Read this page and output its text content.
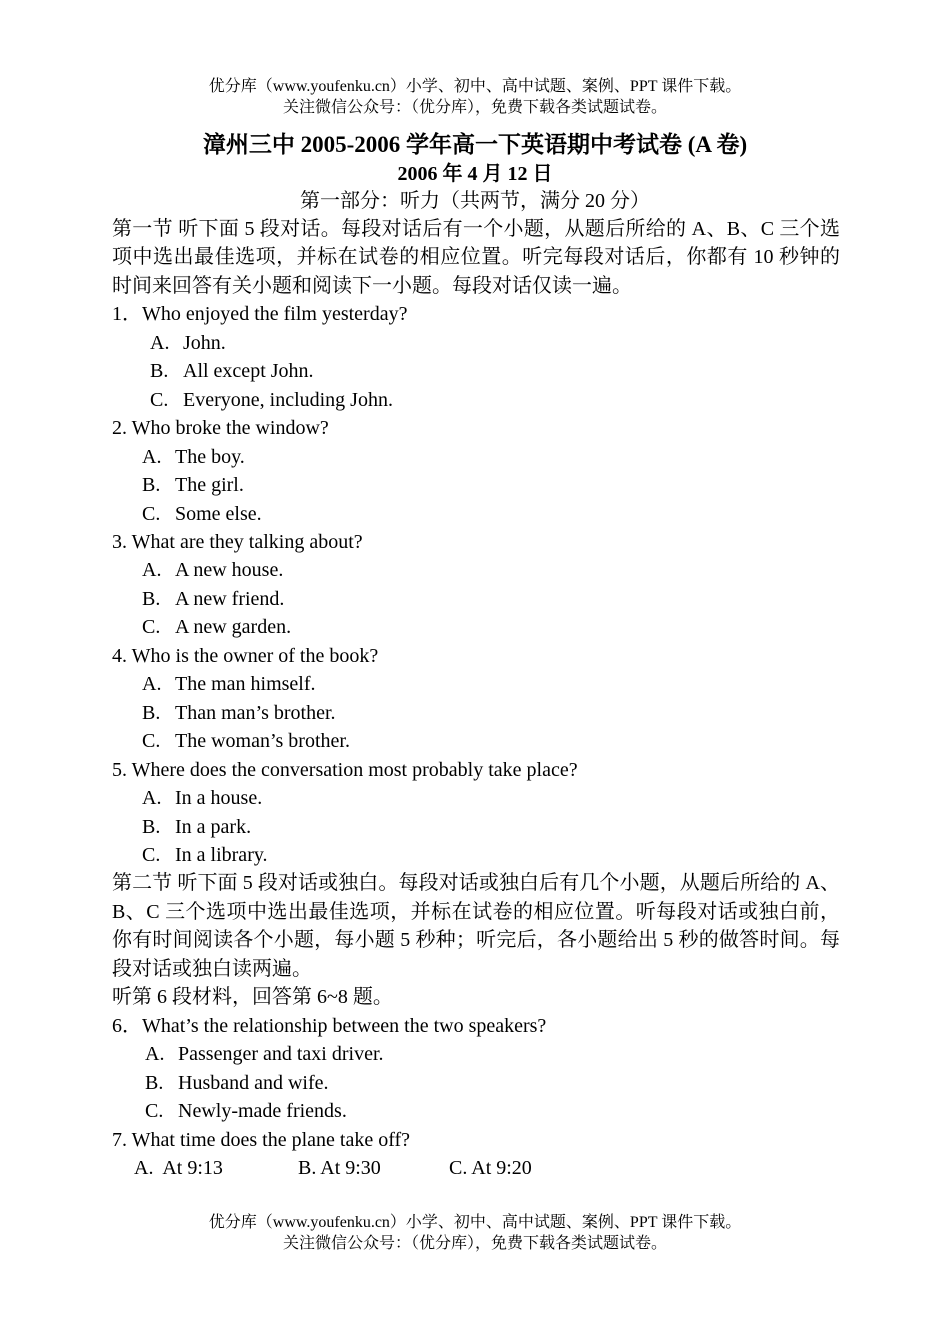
优分库（www.youfenku.cn）小学、初中、高中试题、案例、PPT 课件下载。
关注微信公众号：（优分库），免费下载各类试题试卷。
漳州三中 2005-2006 学年高一下英语期中考试卷 (A 卷)
2006 年 4 月 12 日
第一部分：听力（共两节，满分 20 分）
第一节 听下面 5 段对话。每段对话后有一个小题，从题后所给的 A、B、C 三个选项中选出最佳选项，并标在试卷的相应位置。听完每段对话后，你都有 10 秒钟的时间来回答有关小题和阅读下一小题。每段对话仅读一遍。
1．Who enjoyed the film yesterday?
A. John.
B. All except John.
C. Everyone, including John.
2. Who broke the window?
A. The boy.
B. The girl.
C. Some else.
3. What are they talking about?
A. A new house.
B. A new friend.
C. A new garden.
4. Who is the owner of the book?
A. The man himself.
B. Than man’s brother.
C. The woman’s brother.
5. Where does the conversation most probably take place?
A. In a house.
B. In a park.
C. In a library.
第二节 听下面 5 段对话或独白。每段对话或独白后有几个小题，从题后所给的 A、B、C 三个选项中选出最佳选项，并标在试卷的相应位置。听每段对话或独白前，你有时间阅读各个小题，每小题 5 秒种；听完后，各小题给出 5 秒的做答时间。每段对话或独白读两遍。
听第 6 段材料，回答第 6~8 题。
6．What’s the relationship between the two speakers?
A. Passenger and taxi driver.
B. Husband and wife.
C. Newly-made friends.
7. What time does the plane take off?
A. At 9:13	B. At 9:30	C. At 9:20
优分库（www.youfenku.cn）小学、初中、高中试题、案例、PPT 课件下载。
关注微信公众号：（优分库），免费下载各类试题试卷。
